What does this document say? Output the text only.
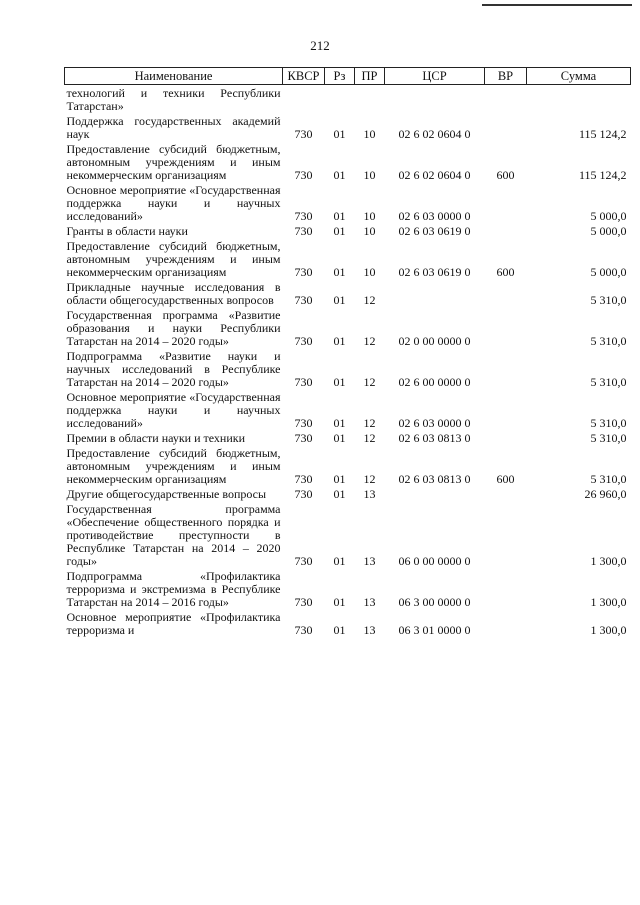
212
Наименование	КВСР	Рз	ПР	ЦСР	ВР	Сумма
технологий и техники Республики Татарстан»						
Поддержка государственных академий наук	730	01	10	02 6 02 0604 0		115 124,2
Предоставление субсидий бюджетным, автономным учреждениям и иным некоммерческим организациям	730	01	10	02 6 02 0604 0	600	115 124,2
Основное мероприятие «Государственная поддержка науки и научных исследований»	730	01	10	02 6 03 0000 0		5 000,0
Гранты в области науки	730	01	10	02 6 03 0619 0		5 000,0
Предоставление субсидий бюджетным, автономным учреждениям и иным некоммерческим организациям	730	01	10	02 6 03 0619 0	600	5 000,0
Прикладные научные исследования в области общегосударственных вопросов	730	01	12			5 310,0
Государственная программа «Развитие образования и науки Республики Татарстан на 2014 – 2020 годы»	730	01	12	02 0 00 0000 0		5 310,0
Подпрограмма «Развитие науки и научных исследований в Республике Татарстан на 2014 – 2020 годы»	730	01	12	02 6 00 0000 0		5 310,0
Основное мероприятие «Государственная поддержка науки и научных исследований»	730	01	12	02 6 03 0000 0		5 310,0
Премии в области науки и техники	730	01	12	02 6 03 0813 0		5 310,0
Предоставление субсидий бюджетным, автономным учреждениям и иным некоммерческим организациям	730	01	12	02 6 03 0813 0	600	5 310,0
Другие общегосударственные вопросы	730	01	13			26 960,0
Государственная программа «Обеспечение общественного порядка и противодействие преступности в Республике Татарстан на 2014 – 2020 годы»	730	01	13	06 0 00 0000 0		1 300,0
Подпрограмма «Профилактика терроризма и экстремизма в Республике Татарстан на 2014 – 2016 годы»	730	01	13	06 3 00 0000 0		1 300,0
Основное мероприятие «Профилактика терроризма и	730	01	13	06 3 01 0000 0		1 300,0
